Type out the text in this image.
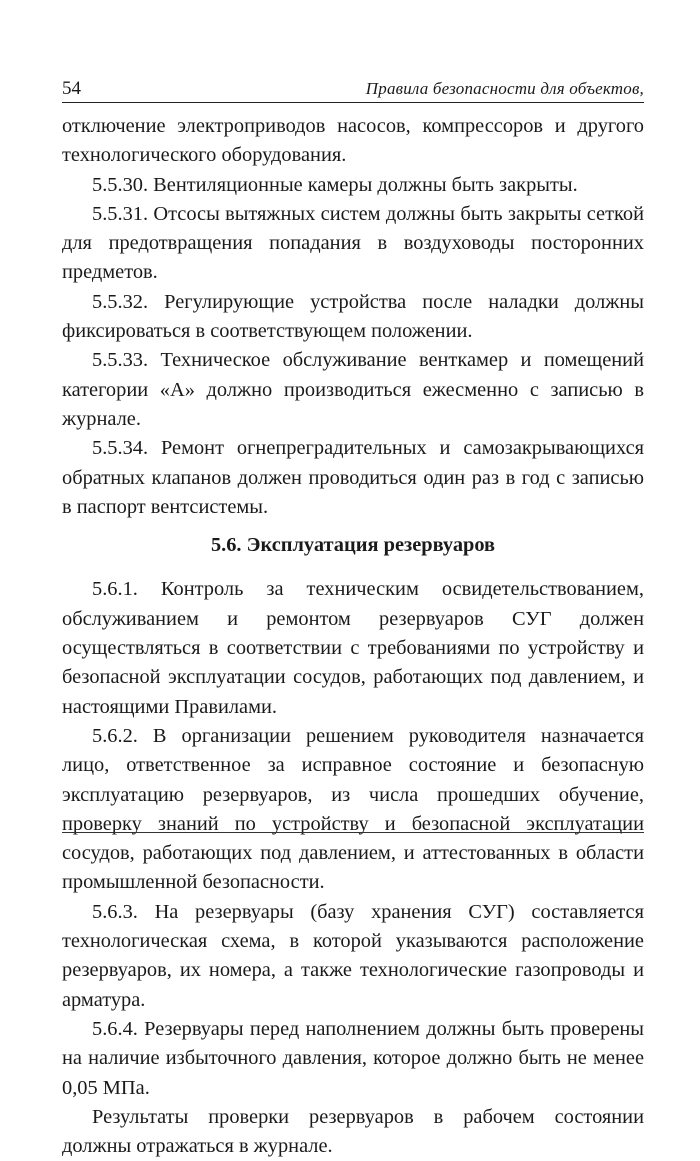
54	Правила безопасности для объектов,

отключение электроприводов насосов, компрессоров и другого технологического оборудования.

5.5.30. Вентиляционные камеры должны быть закрыты.

5.5.31. Отсосы вытяжных систем должны быть закрыты сеткой для предотвращения попадания в воздуховоды посторонних предметов.

5.5.32. Регулирующие устройства после наладки должны фиксироваться в соответствующем положении.

5.5.33. Техническое обслуживание венткамер и помещений категории «А» должно производиться ежесменно с записью в журнале.

5.5.34. Ремонт огнепреградительных и самозакрывающихся обратных клапанов должен проводиться один раз в год с записью в паспорт вентсистемы.

5.6. Эксплуатация резервуаров

5.6.1. Контроль за техническим освидетельствованием, обслуживанием и ремонтом резервуаров СУГ должен осуществляться в соответствии с требованиями по устройству и безопасной эксплуатации сосудов, работающих под давлением, и настоящими Правилами.

5.6.2. В организации решением руководителя назначается лицо, ответственное за исправное состояние и безопасную эксплуатацию резервуаров, из числа прошедших обучение, проверку знаний по устройству и безопасной эксплуатации сосудов, работающих под давлением, и аттестованных в области промышленной безопасности.

5.6.3. На резервуары (базу хранения СУГ) составляется технологическая схема, в которой указываются расположение резервуаров, их номера, а также технологические газопроводы и арматура.

5.6.4. Резервуары перед наполнением должны быть проверены на наличие избыточного давления, которое должно быть не менее 0,05 МПа.

Результаты проверки резервуаров в рабочем состоянии должны отражаться в журнале.
